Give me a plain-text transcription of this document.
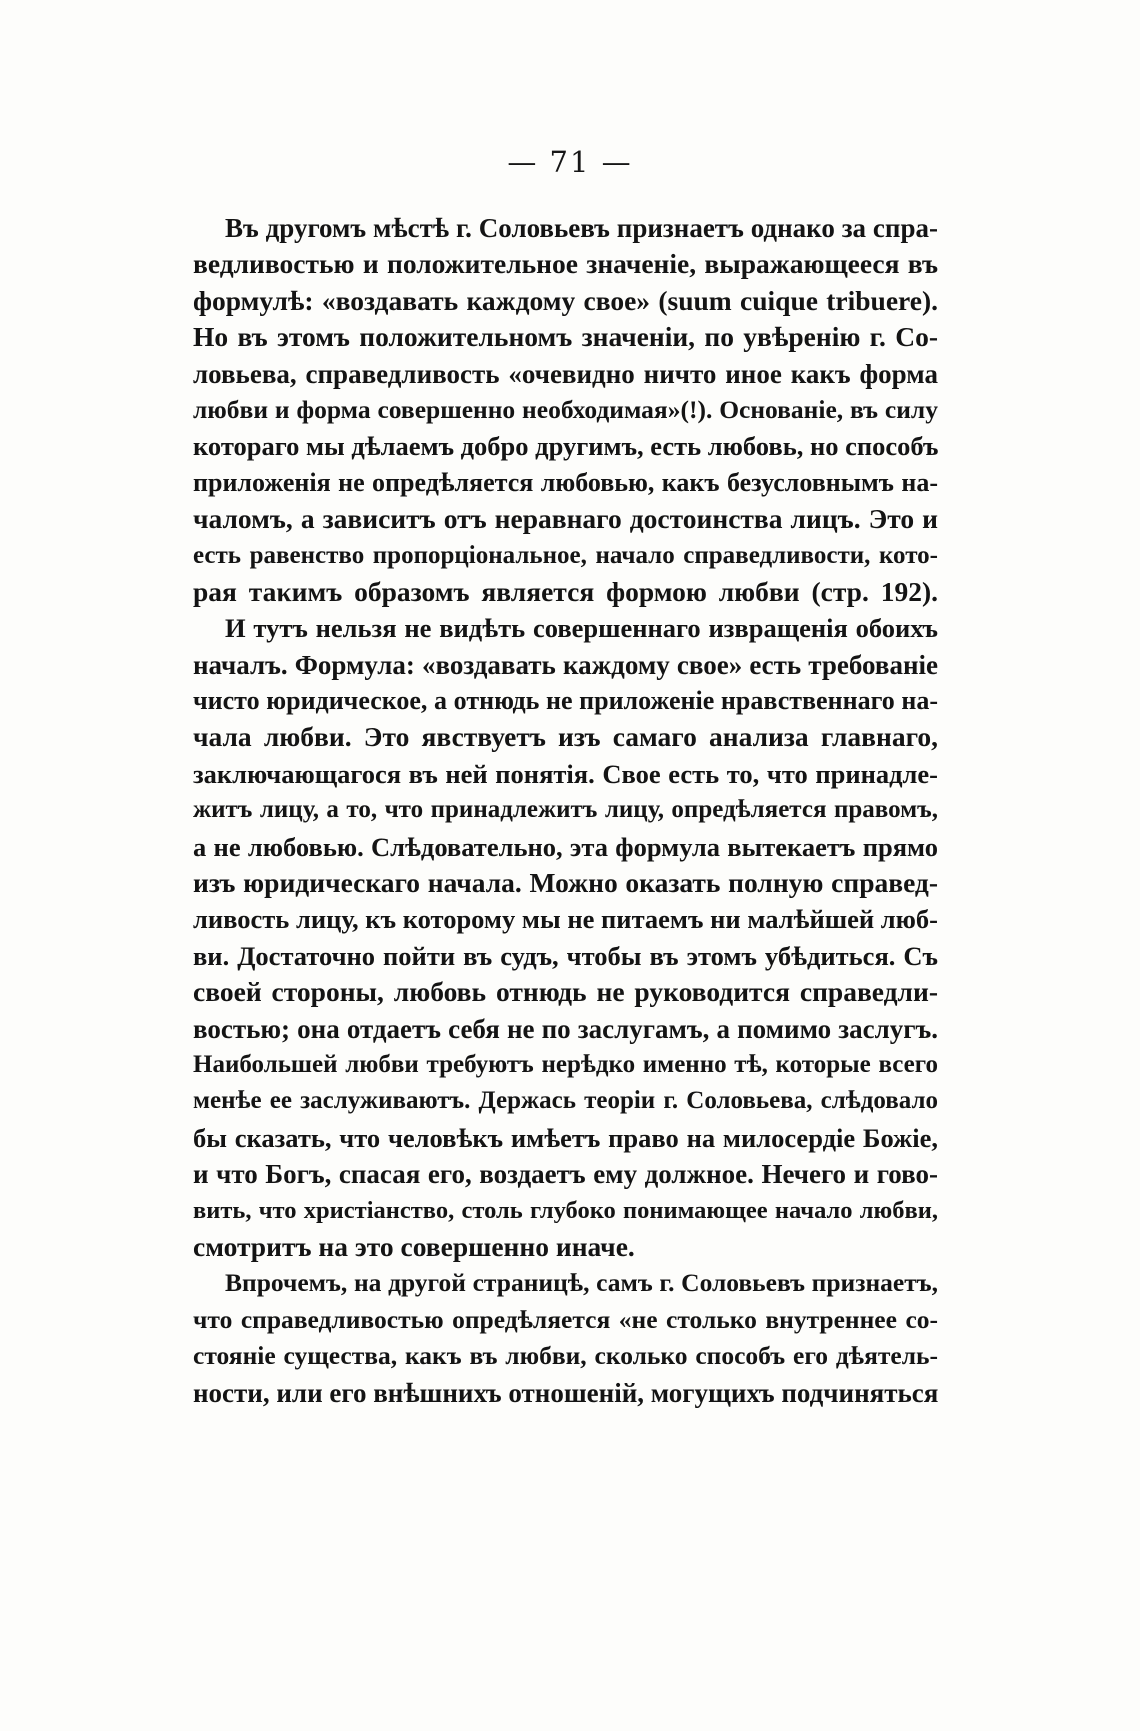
— 71 —
Въ другомъ мѣстѣ г. Соловьевъ признаетъ однако за спра-
ведливостью и положительное значеніе, выражающееся въ
формулѣ: «воздавать каждому свое» (suum cuique tribuere).
Но въ этомъ положительномъ значеніи, по увѣренію г. Со-
ловьева, справедливость «очевидно ничто иное какъ форма
любви и форма совершенно необходимая»(!). Основаніе, въ силу
котораго мы дѣлаемъ добро другимъ, есть любовь, но способъ
приложенія не опредѣляется любовью, какъ безусловнымъ на-
чаломъ, а зависитъ отъ неравнаго достоинства лицъ. Это и
есть равенство пропорціональное, начало справедливости, кото-
рая таκимъ образомъ является формою любви (стр. 192).
И тутъ нельзя не видѣть совершеннаго извращенія обоихъ
началъ. Формула: «воздавать каждому свое» есть требованіе
чисто юридическое, а отнюдь не приложеніе нравственнаго на-
чала любви. Это явствуетъ изъ самаго анализа главнаго,
заключающагося въ ней понятія. Свое есть то, что принадле-
житъ лицу, а то, что принадлежитъ лицу, опредѣляется правомъ,
а не любовью. Слѣдовательно, эта формула вытекаетъ прямо
изъ юридическаго начала. Можно оказать полную справед-
ливость лицу, къ которому мы не питаемъ ни малѣйшей люб-
ви. Достаточно пойти въ судъ, чтобы въ этомъ убѣдиться. Съ
своей стороны, любовь отнюдь не руководится справедли-
востью; она отдаетъ себя не по заслугамъ, а помимо заслугъ.
Наибольшей любви требуютъ нерѣдко именно тѣ, которые всего
менѣе ее заслуживаютъ. Держась теоріи г. Соловьева, слѣдовало
бы сказать, что человѣкъ имѣетъ право на милосердіе Божіе,
и что Богъ, спасая его, воздаетъ ему должное. Нечего и гово-
вить, что христіанство, столь глубоко понимающее начало любви,
смотритъ на это совершенно иначе.
Впрочемъ, на другой страницѣ, самъ г. Соловьевъ признаетъ,
что справедливостью опредѣляется «не столько внутреннее со-
стояніе существа, какъ въ любви, сколько способъ его дѣятель-
ности, или его внѣшнихъ отношеній, могущихъ подчиняться
